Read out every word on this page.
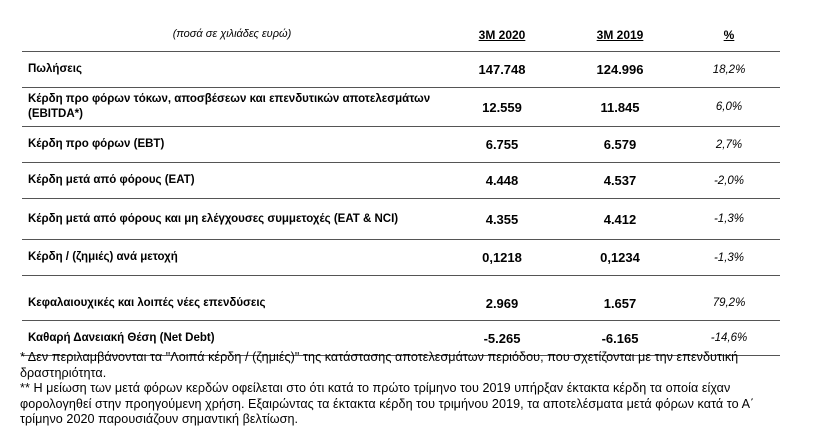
(ποσά σε χιλιάδες ευρώ)	3M 2020	3M 2019	%
Πωλήσεις	147.748	124.996	18,2%
Κέρδη προ φόρων τόκων, αποσβέσεων και επενδυτικών αποτελεσμάτων (EBITDA*)	12.559	11.845	6,0%
Κέρδη προ φόρων (EBT)	6.755	6.579	2,7%
Κέρδη μετά από φόρους (EAT)	4.448	4.537	-2,0%
Κέρδη μετά από φόρους και μη ελέγχουσες συμμετοχές (EAT & NCI)	4.355	4.412	-1,3%
Κέρδη / (ζημιές) ανά μετοχή	0,1218	0,1234	-1,3%
Κεφαλαιουχικές και λοιπές νέες επενδύσεις	2.969	1.657	79,2%
Καθαρή Δανειακή Θέση (Net Debt)	-5.265	-6.165	-14,6%

* Δεν περιλαμβάνονται τα "Λοιπά κέρδη / (ζημιές)" της κατάστασης αποτελεσμάτων περιόδου, που σχετίζονται με την επενδυτική δραστηριότητα.

** Η μείωση των μετά φόρων κερδών οφείλεται στο ότι κατά το πρώτο τρίμηνο του 2019 υπήρξαν έκτακτα κέρδη τα οποία είχαν φορολογηθεί στην προηγούμενη χρήση. Εξαιρώντας τα έκτακτα κέρδη του τριμήνου 2019, τα αποτελέσματα μετά φόρων κατά το Α΄ τρίμηνο 2020 παρουσιάζουν σημαντική βελτίωση.
